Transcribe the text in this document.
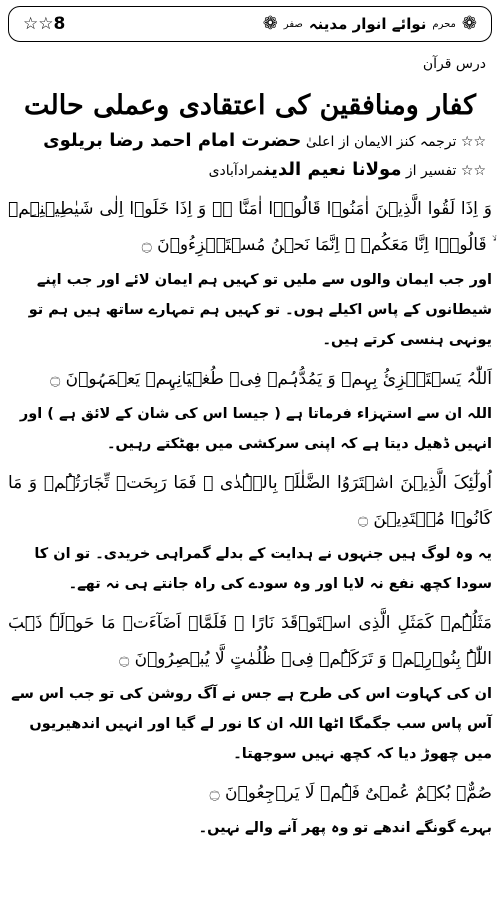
☆☆8	❁
محرم
نوائے انوار مدینہ
صفر
❁
درس قرآن
کفار ومنافقین کی اعتقادی وعملی حالت
☆☆ ترجمہ کنز الایمان از اعلیٰ حضرت امام احمد رضا بریلوی
☆☆ تفسیر از مولانا نعیم الدینمرادآبادی
وَ اِذَا لَقُوا الَّذِیۡنَ اٰمَنُوۡا قَالُوۡۤا اٰمَنَّا ۚۖ وَ اِذَا خَلَوۡا اِلٰی شَیٰطِیۡنِہِمۡ ۙ قَالُوۡۤا اِنَّا مَعَکُمۡ ۙ اِنَّمَا نَحۡنُ مُسۡتَہۡزِءُوۡنَ ۝
اور جب ایمان والوں سے ملیں تو کہیں ہم ایمان لائے اور جب اپنے شیطانوں کے پاس اکیلے ہوں۔ تو کہیں ہم تمہارے ساتھ ہیں ہم تو یونہی ہنسی کرتے ہیں۔
اَللّٰہُ یَسۡتَہۡزِئُ بِہِمۡ وَ یَمُدُّہُمۡ فِیۡ طُغۡیَانِہِمۡ یَعۡمَہُوۡنَ ۝
اللہ ان سے استہزاء فرماتا ہے ( جیسا اس کی شان کے لائق ہے ) اور انہیں ڈھیل دیتا ہے کہ اپنی سرکشی میں بھٹکتے رہیں۔
اُولٰٓئِکَ الَّذِیۡنَ اشۡتَرَوُا الضَّلٰلَۃَ بِالۡہُدٰی ۪ فَمَا رَبِحَتۡ تِّجَارَتُہُمۡ وَ مَا کَانُوۡا مُہۡتَدِیۡنَ ۝
یہ وہ لوگ ہیں جنہوں نے ہدایت کے بدلے گمراہی خریدی۔ تو ان کا سودا کچھ نفع نہ لایا اور وہ سودے کی راہ جانتے ہی نہ تھے۔
مَثَلُہُمۡ کَمَثَلِ الَّذِی اسۡتَوۡقَدَ نَارًا ۚ فَلَمَّاۤ اَضَآءَتۡ مَا حَوۡلَہٗ ذَہَبَ اللّٰہُ بِنُوۡرِہِمۡ وَ تَرَکَہُمۡ فِیۡ ظُلُمٰتٍ لَّا یُبۡصِرُوۡنَ ۝
ان کی کہاوت اس کی طرح ہے جس نے آگ روشن کی تو جب اس سے آس پاس سب جگمگا اٹھا اللہ ان کا نور لے گیا اور انہیں اندھیریوں میں چھوڑ دیا کہ کچھ نہیں سوجھتا۔
صُمٌّۢ بُکۡمٌ عُمۡیٌ فَہُمۡ لَا یَرۡجِعُوۡنَ ۝
بہرے گونگے اندھے تو وہ پھر آنے والے نہیں۔
